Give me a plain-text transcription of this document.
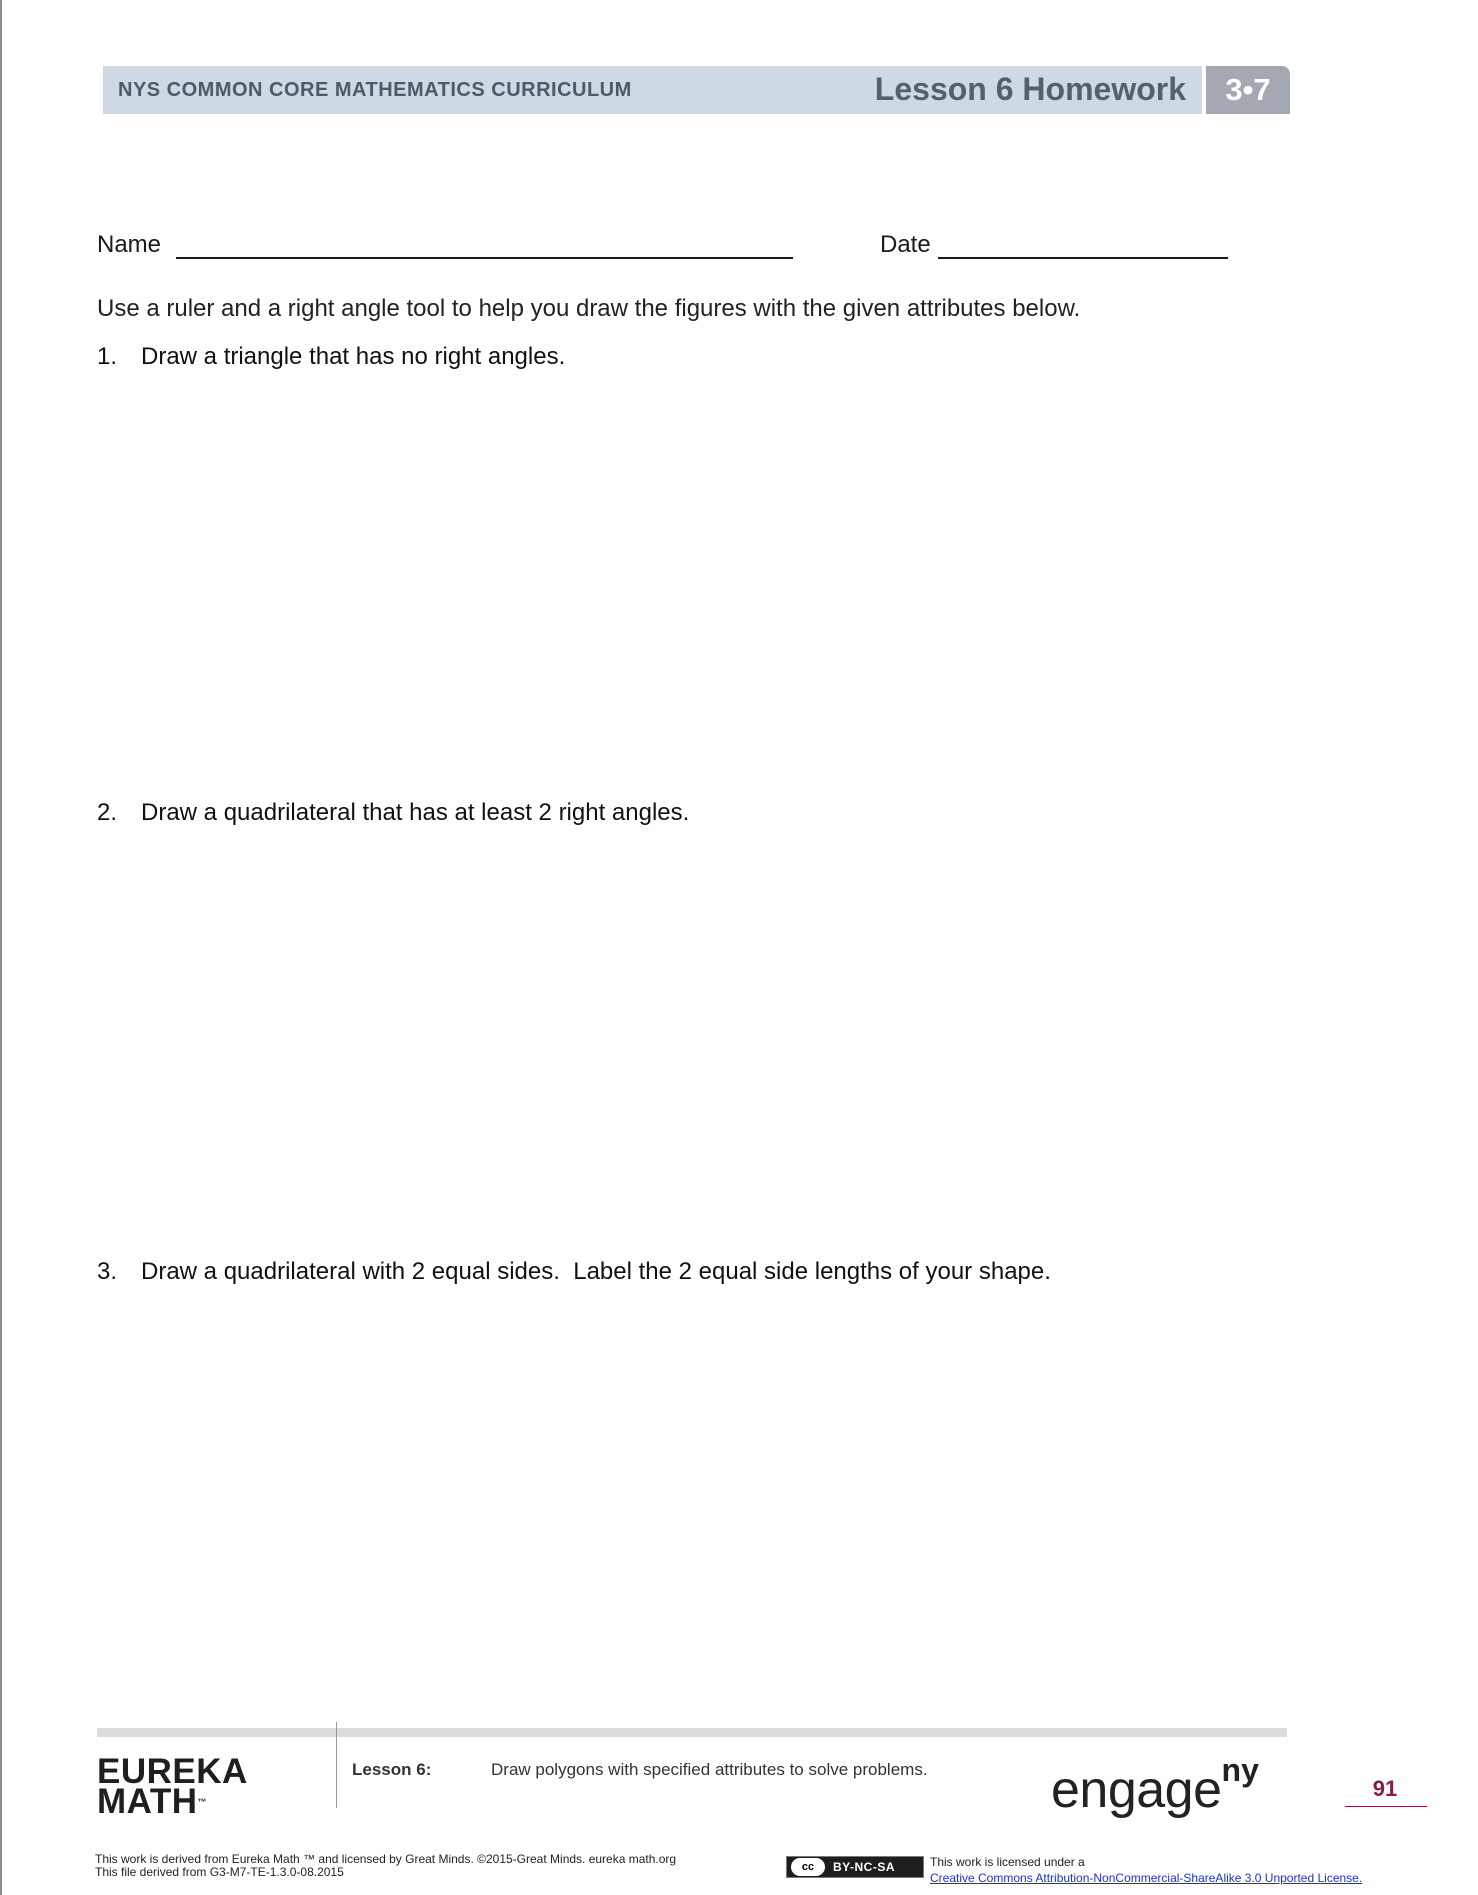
NYS COMMON CORE MATHEMATICS CURRICULUM	Lesson 6 Homework	3•7
Name	Date
Use a ruler and a right angle tool to help you draw the figures with the given attributes below.
1. Draw a triangle that has no right angles.
2. Draw a quadrilateral that has at least 2 right angles.
3. Draw a quadrilateral with 2 equal sides.  Label the 2 equal side lengths of your shape.
EUREKA
MATH™
Lesson 6:	Draw polygons with specified attributes to solve problems. engage$^{ny}$
91
This work is derived from Eureka Math ™ and licensed by Great Minds. ©2015-Great Minds. eureka math.org
This file derived from G3-M7-TE-1.3.0-08.2015	cc	BY-NC-SA	This work is licensed under a
Creative Commons Attribution-NonCommercial-ShareAlike 3.0 Unported License.
